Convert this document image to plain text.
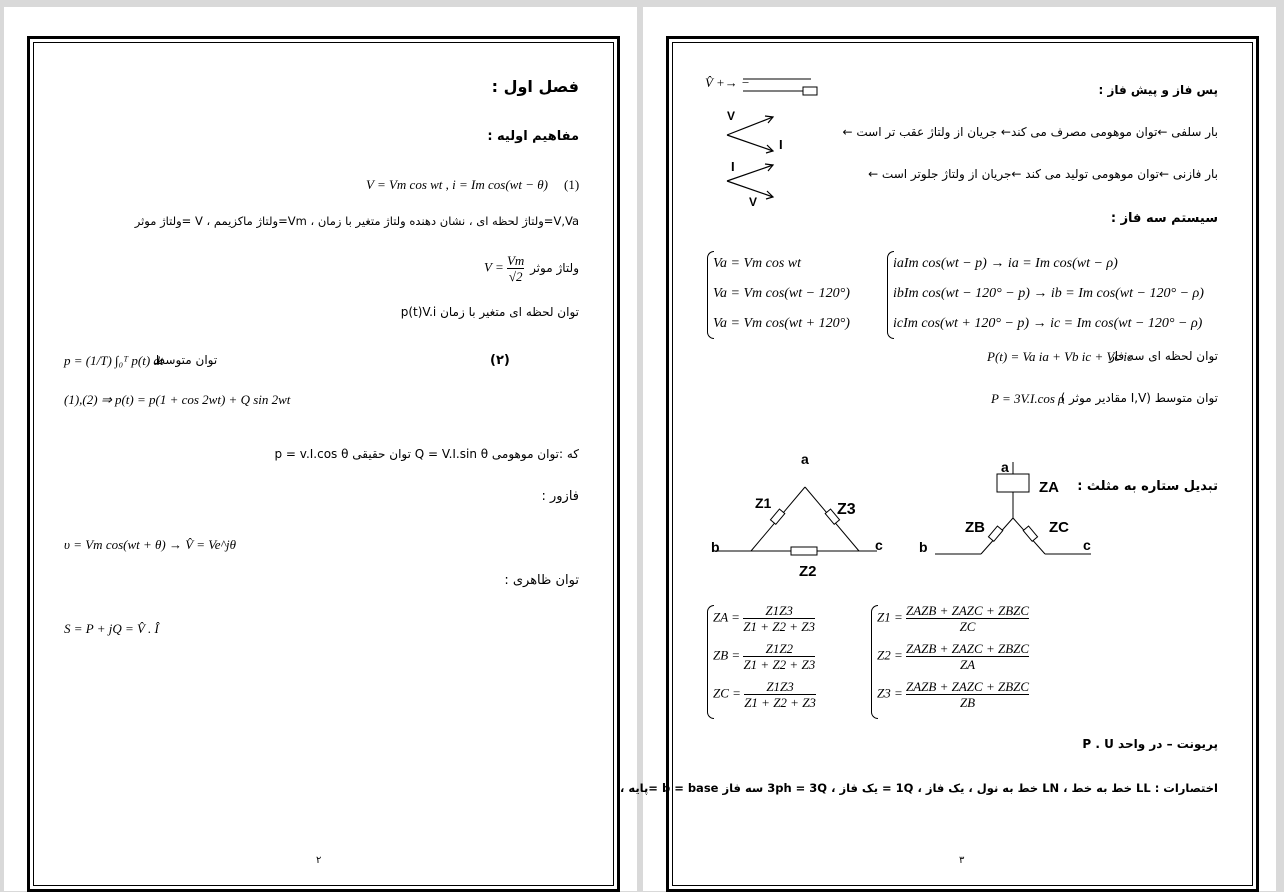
فصل اول :
مفاهیم اولیه :
V = Vm cos wt , i = Im cos(wt − θ) (1)
V,Va=ولتاژ لحظه ای ، نشان دهنده ولتاژ متغیر با زمان ، Vm=ولتاژ ماکزیمم ، V =ولتاژ موثر
ولتاژ موثر
$V = \frac{Vm}{√2}$
توان لحظه ای متغیر با زمان p(t)V.i
توان متوسط
p = (1/T) ∫₀ᵀ p(t) dt	(۲)
(1),(2) ⇒ p(t) = p(1 + cos 2wt) + Q sin 2wt
که :توان موهومی Q = V.I.sin θ توان حقیقی p = v.I.cos θ
فازور :
υ = Vm cos(wt + θ) → V̂ = Ve^jθ
توان ظاهری :
S = P + jQ = V̂ . Î
۲
V̂ +→ −	پس فاز و پیش فاز :
V
I
I
V
بار سلفی ←توان موهومی مصرف می کند← جریان از ولتاژ عقب تر است ←
بار فازنی ←توان موهومی تولید می کند ←جریان از ولتاژ جلوتر است ←
سیستم سه فاز :
Va = Vm cos wt
Va = Vm cos(wt − 120°)
Va = Vm cos(wt + 120°)
iaIm cos(wt − p) → ia = Im cos(wt − ρ)
ibIm cos(wt − 120° − p) → ib = Im cos(wt − 120° − ρ)
icIm cos(wt + 120° − p) → ic = Im cos(wt − 120° − ρ)
توان لحظه ای سه فاز
P(t) = Va ia + Vb ic + Vc ic
توان متوسط (I,V مقادیر موثر )
P = 3V.I.cos ρ
تبدیل ستاره به مثلث :
a
b	c
Z1	Z3
Z2
a
b	c
ZA
ZB	ZC
ZA = $\frac{Z1Z3}{Z1 + Z2 + Z3}$
ZB = $\frac{Z1Z2}{Z1 + Z2 + Z3}$
ZC = $\frac{Z1Z3}{Z1 + Z2 + Z3}$
Z1 = ZAZB + ZAZC + ZBZC
ZC
Z2 = ZAZB + ZAZC + ZBZC
ZA
Z3 = ZAZB + ZAZC + ZBZC
ZB
پریونت – در واحد P . U
اختصارات : LL خط به خط ، LN خط به نول ، یک فاز ، 1Q = یک فاز ، 3ph = 3Q سه فاز b = base =پایه ،
۳
